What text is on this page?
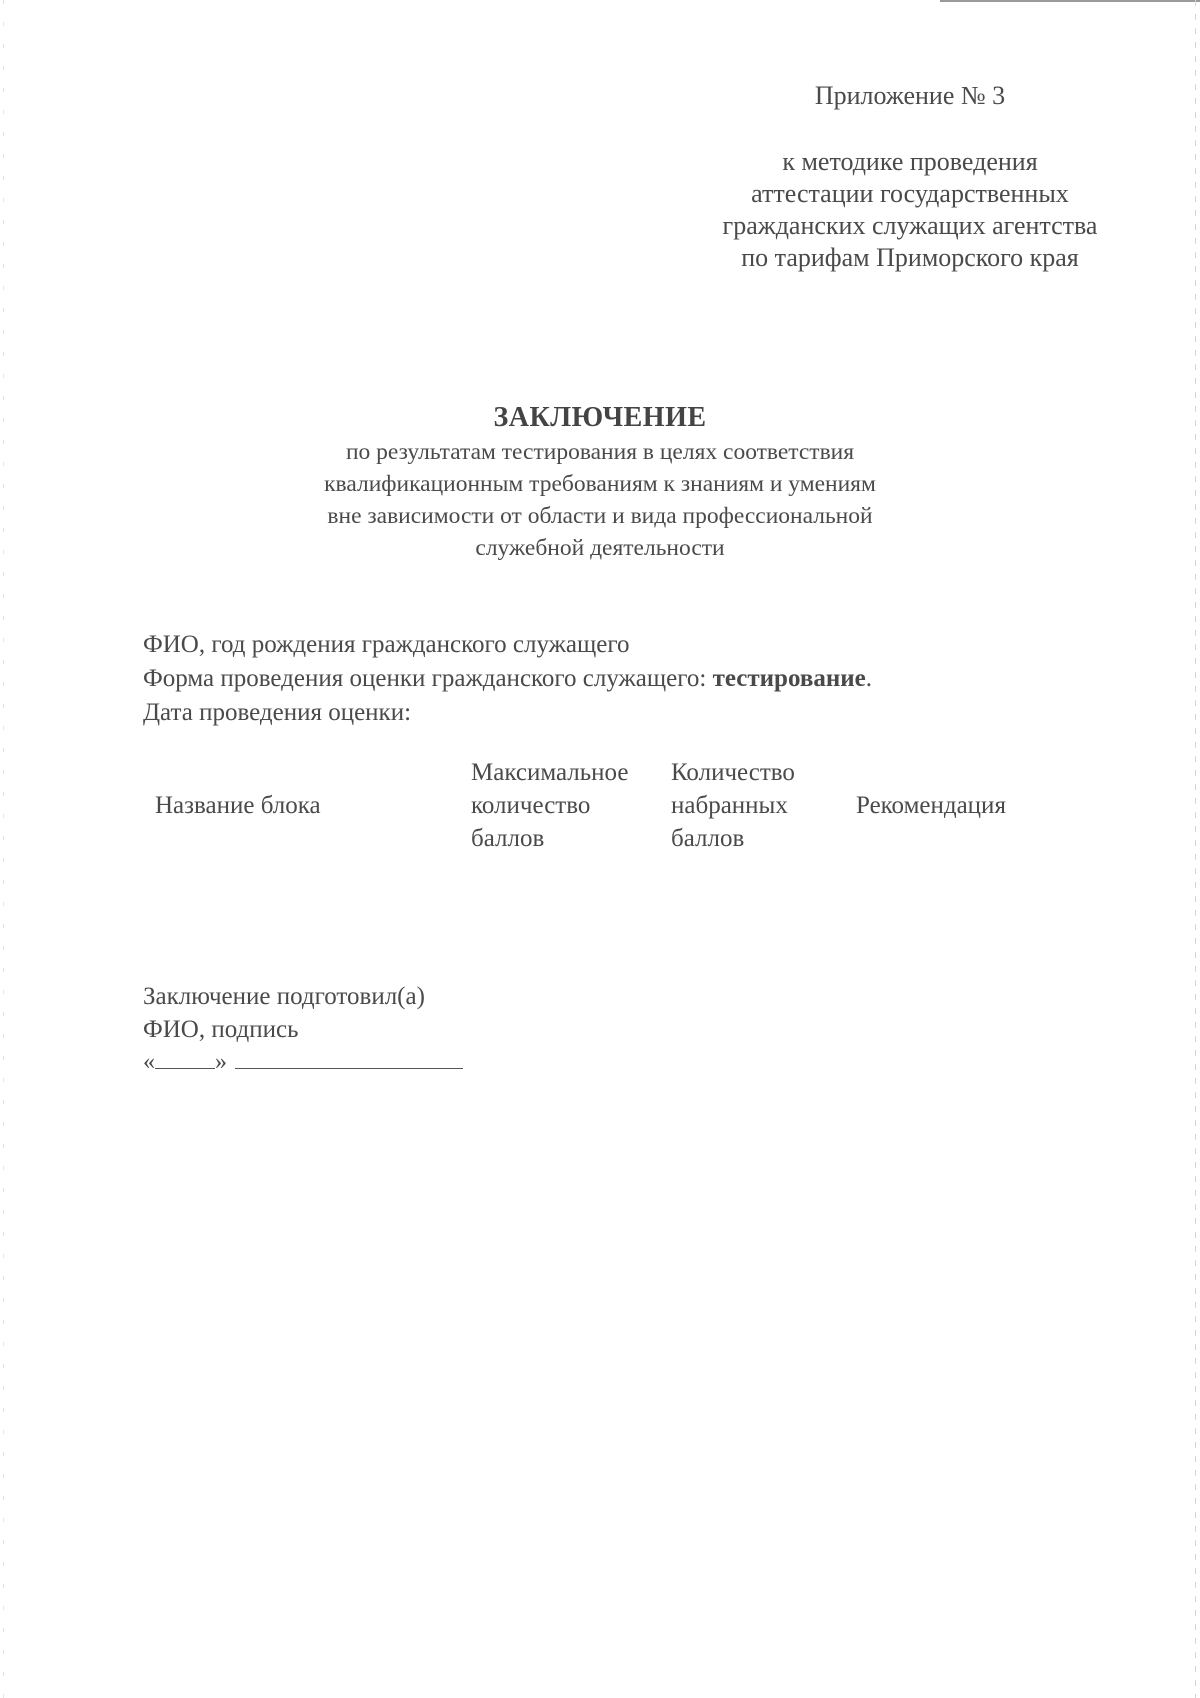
Приложение № 3
к методике проведения
аттестации государственных
гражданских служащих агентства
по тарифам Приморского края
ЗАКЛЮЧЕНИЕ
по результатам тестирования в целях соответствия
квалификационным требованиям к знаниям и умениям
вне зависимости от области и вида профессиональной
служебной деятельности
ФИО, год рождения гражданского служащего
Форма проведения оценки гражданского служащего: тестирование.
Дата проведения оценки:
Название блока
Максимальное
количество
баллов
Количество
набранных
баллов
Рекомендация
Заключение подготовил(а)
ФИО, подпись
«	»
